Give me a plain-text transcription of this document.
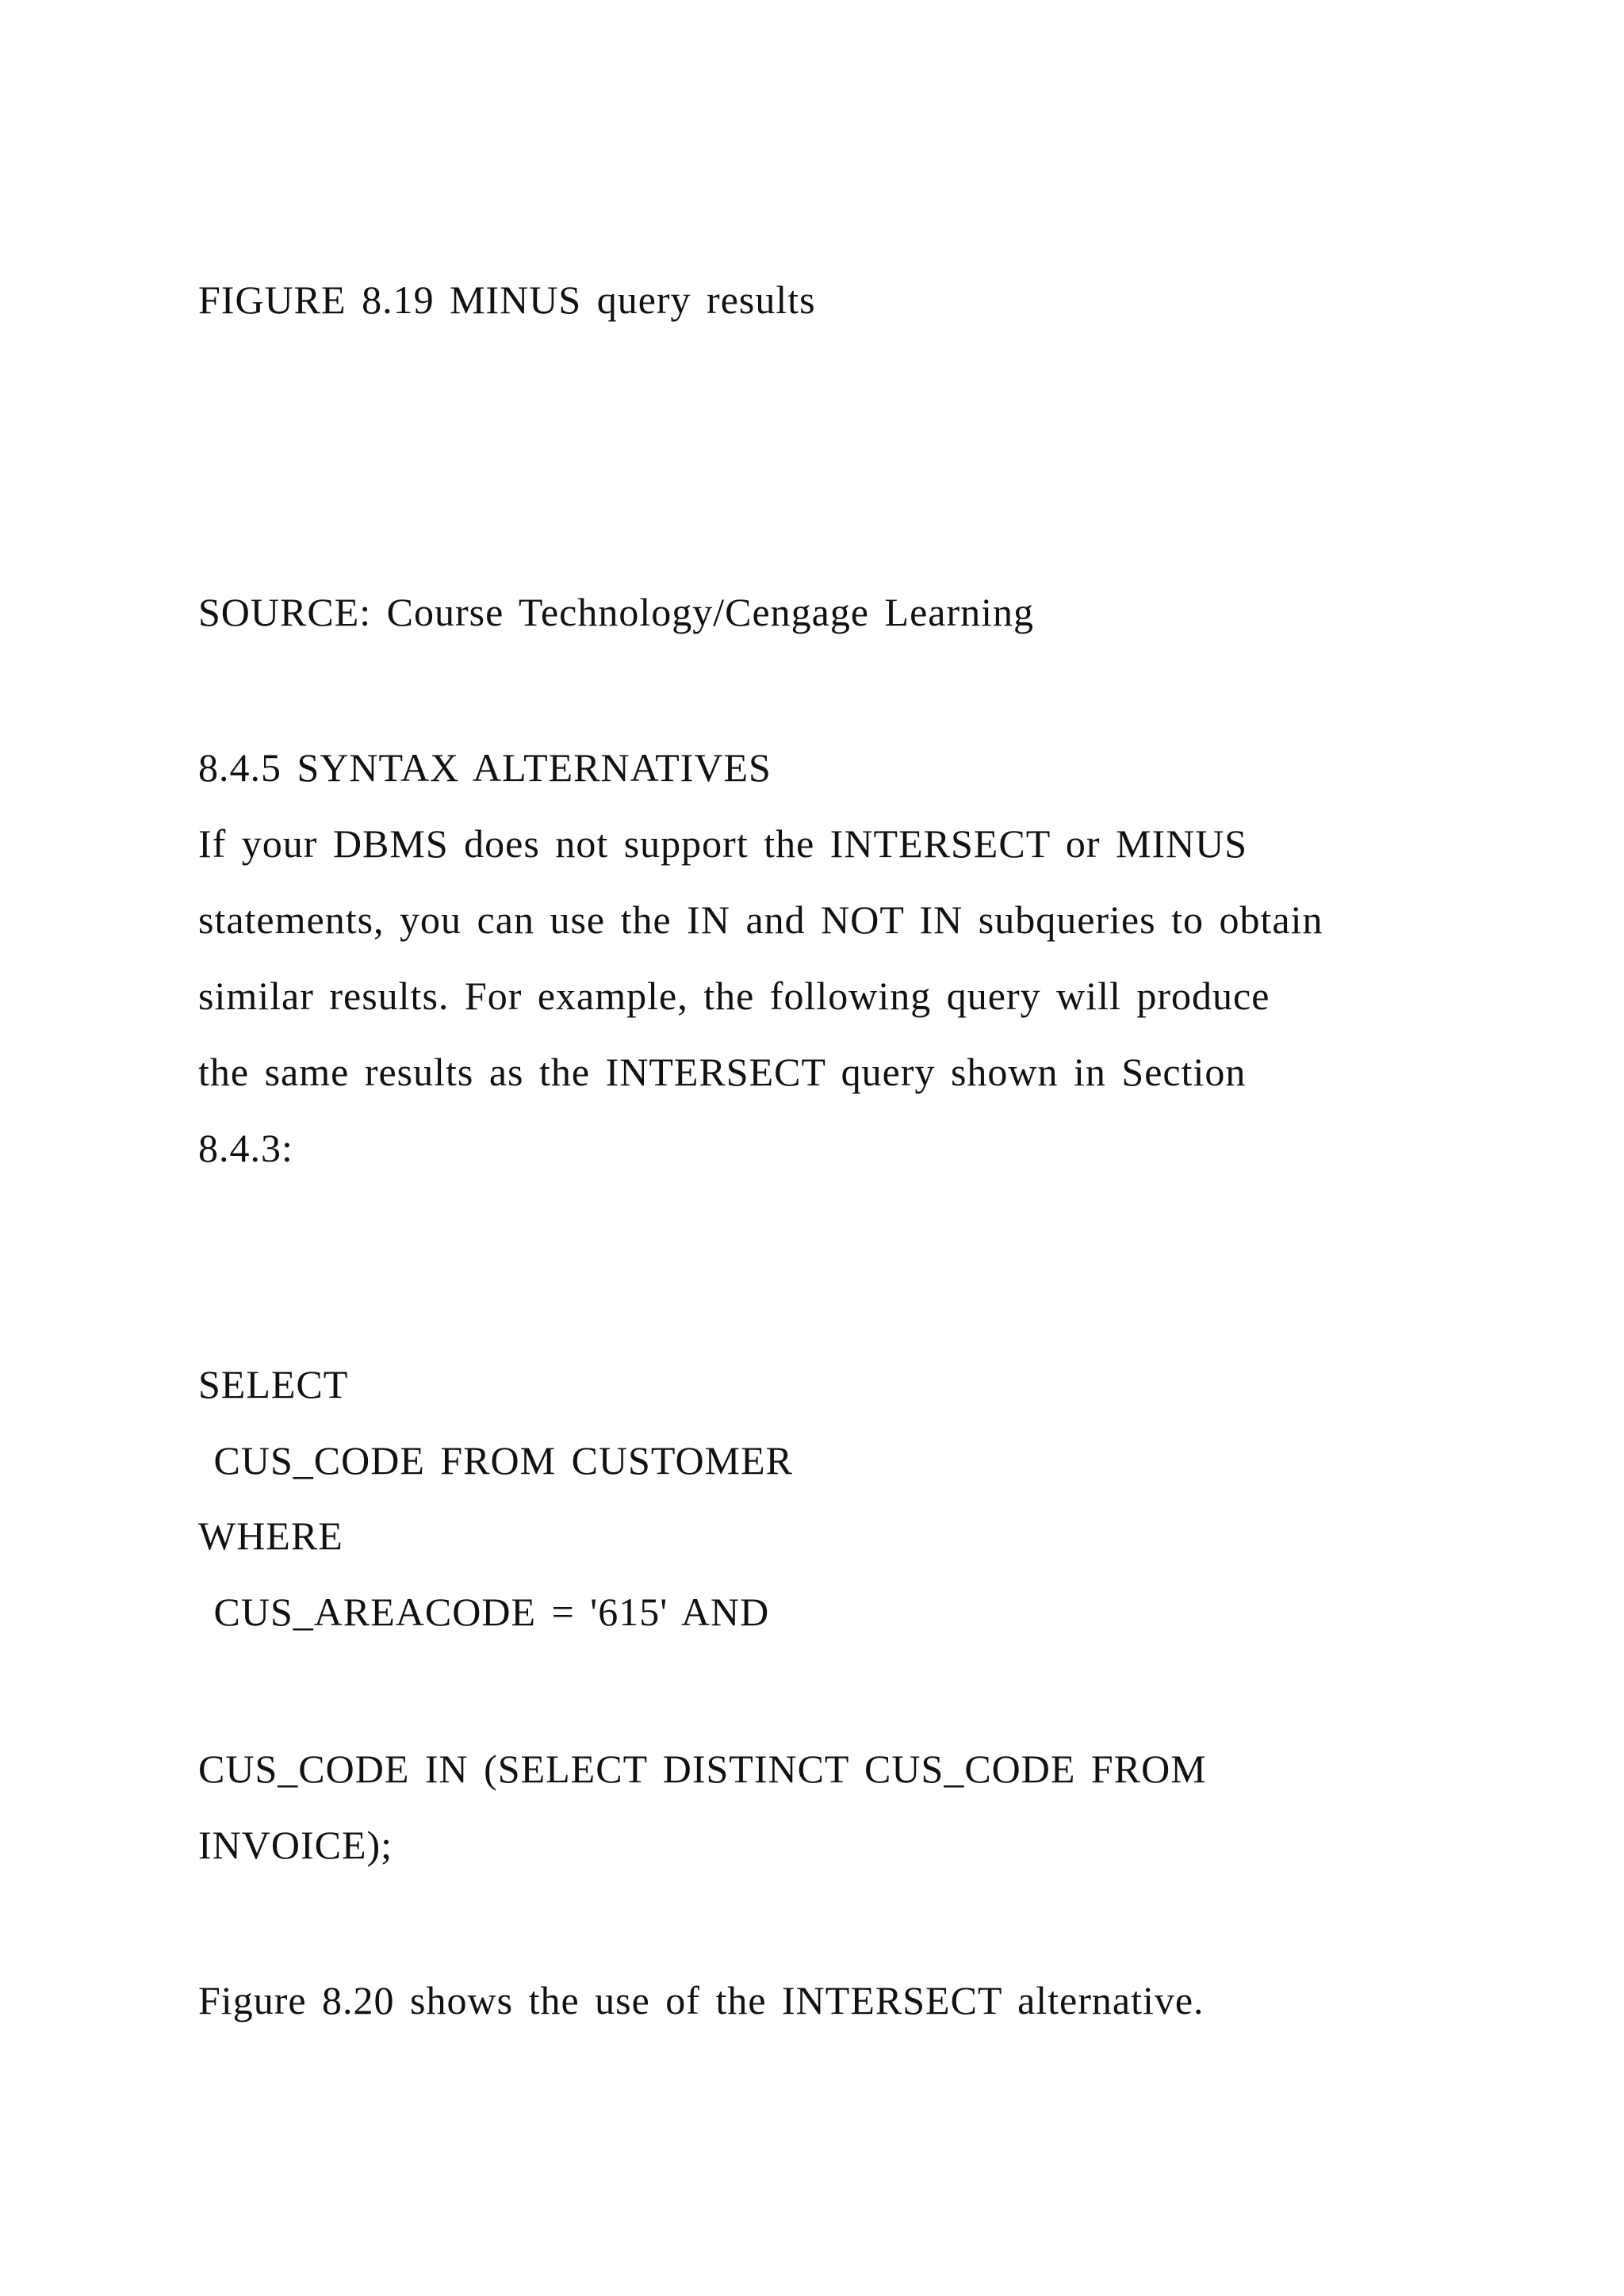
FIGURE 8.19 MINUS query results
SOURCE: Course Technology/Cengage Learning
8.4.5 SYNTAX ALTERNATIVES
If your DBMS does not support the INTERSECT or MINUS
statements, you can use the IN and NOT IN subqueries to obtain
similar results. For example, the following query will produce
the same results as the INTERSECT query shown in Section
8.4.3:
SELECT
CUS_CODE FROM CUSTOMER
WHERE
CUS_AREACODE = '615' AND
CUS_CODE IN (SELECT DISTINCT CUS_CODE FROM
INVOICE);
Figure 8.20 shows the use of the INTERSECT alternative.
